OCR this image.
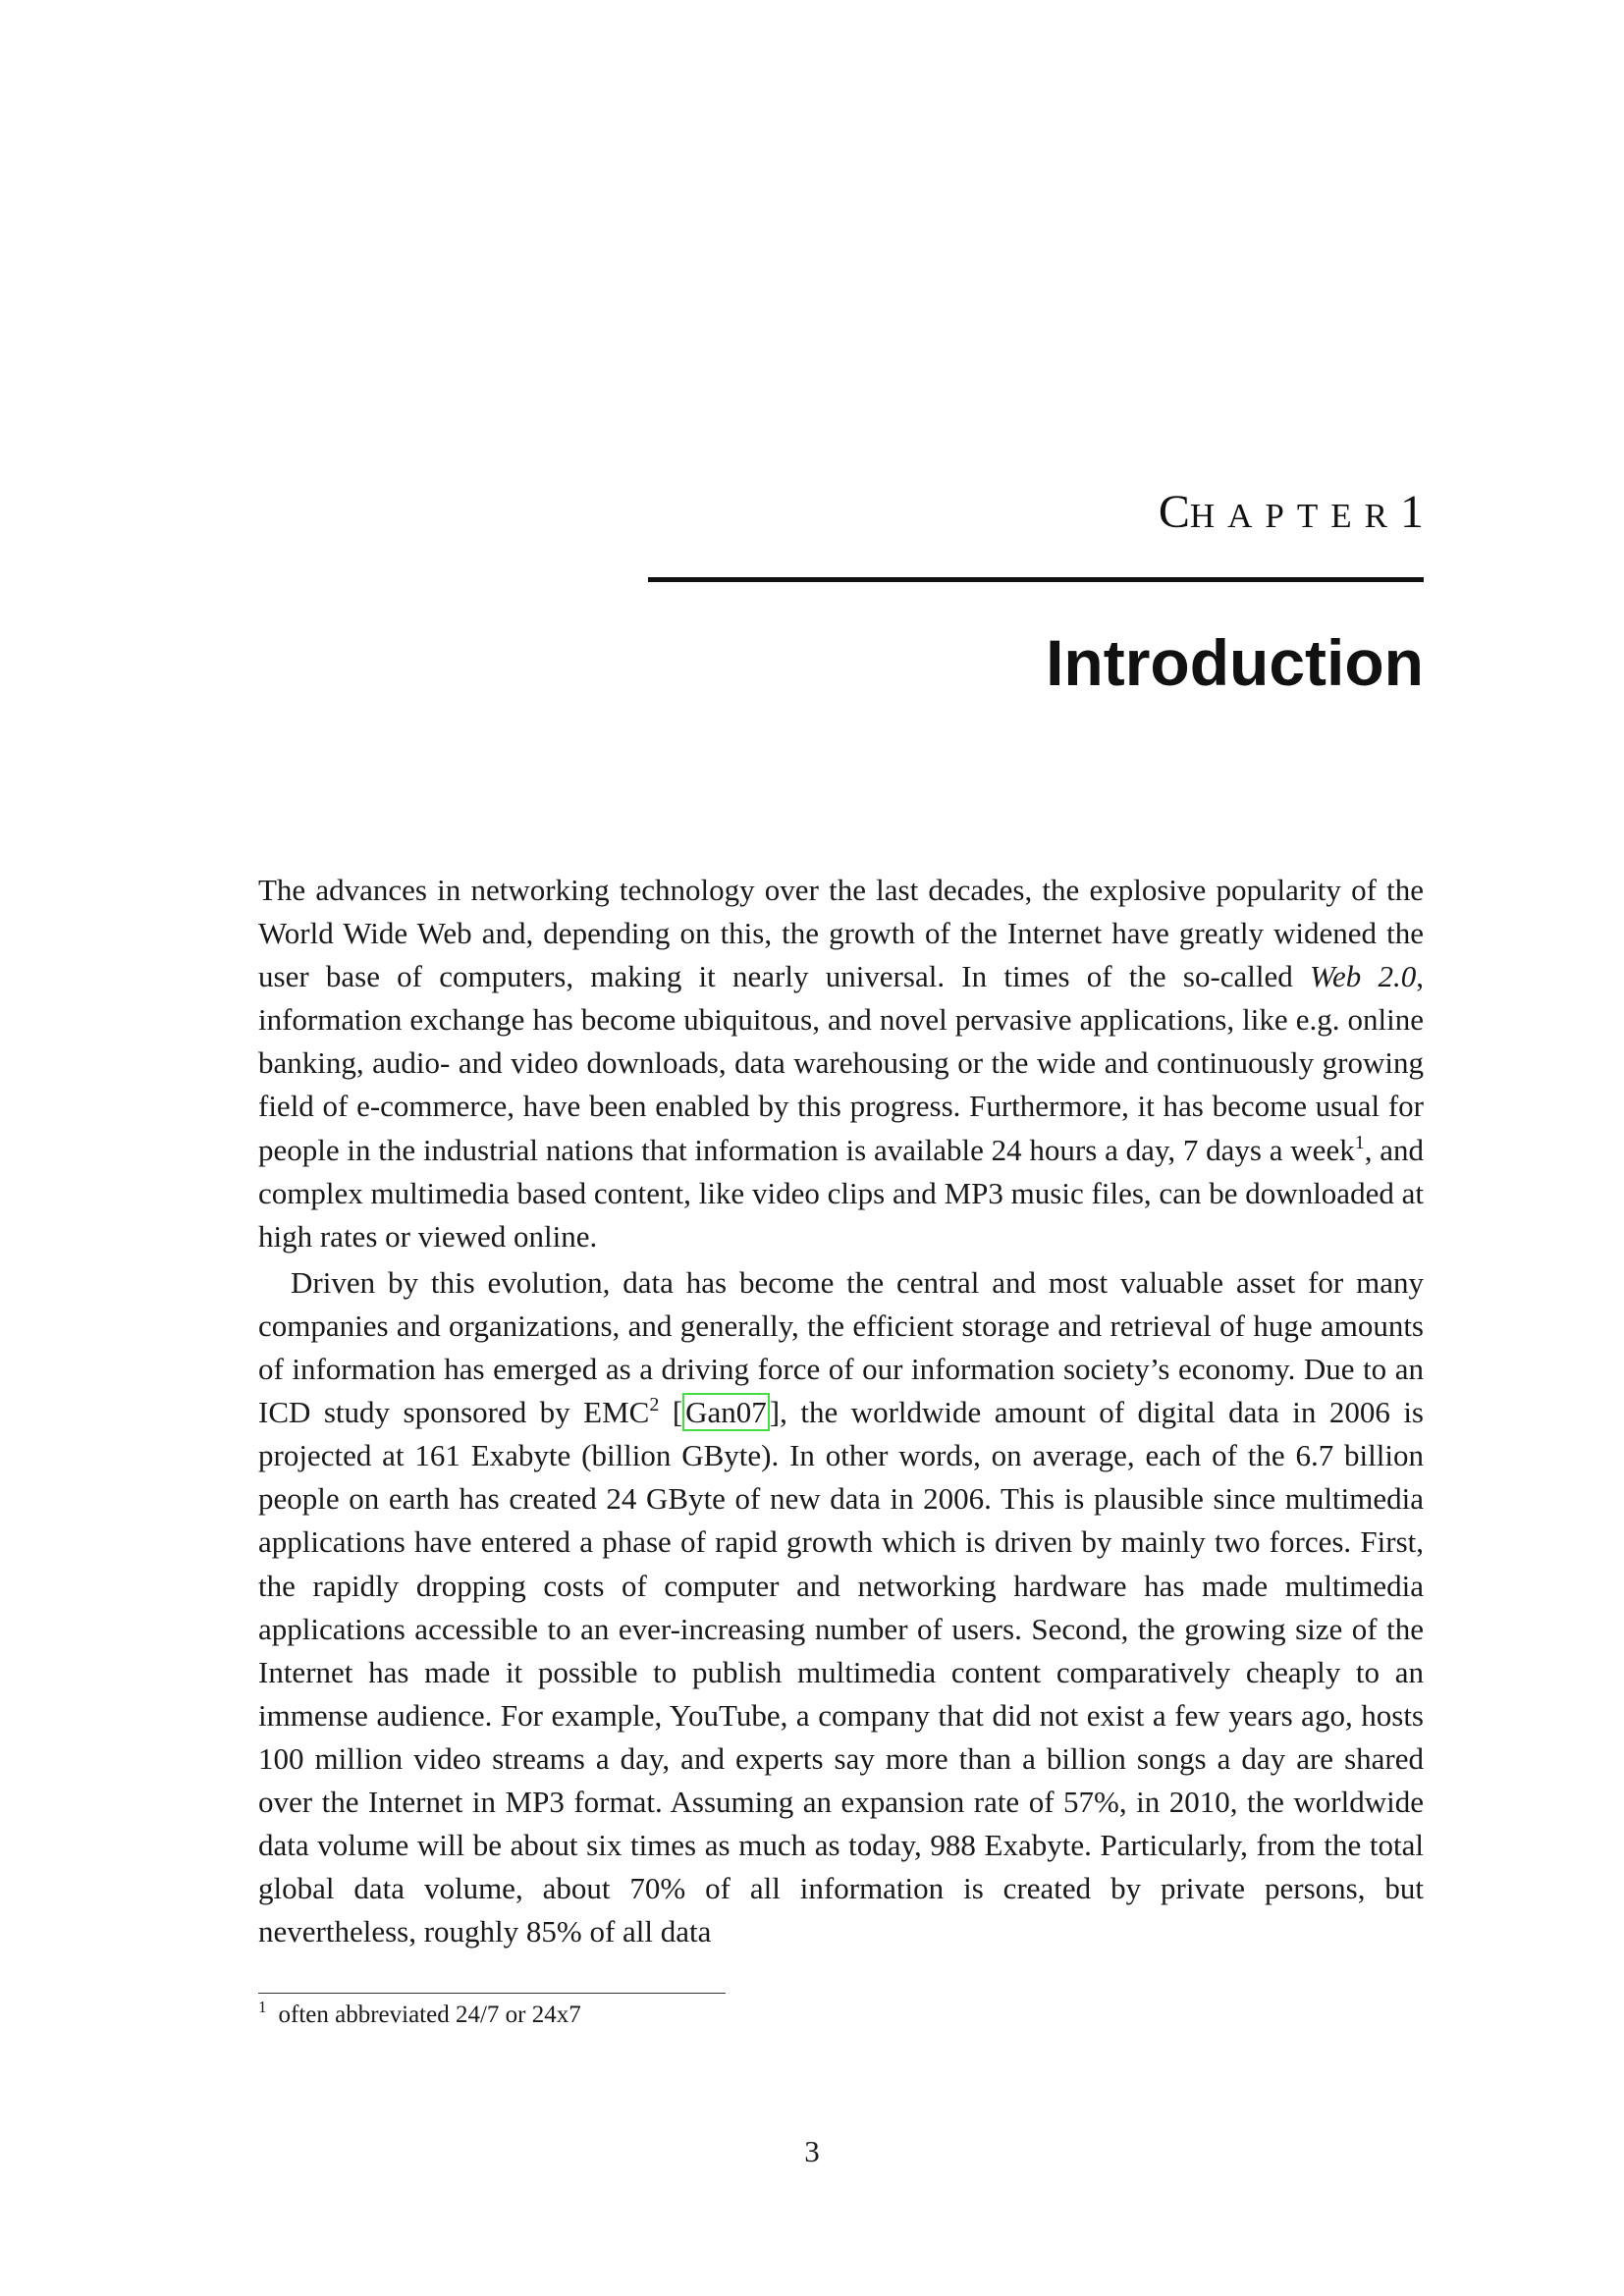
CHAPTER1
Introduction

The advances in networking technology over the last decades, the explosive popularity of the World Wide Web and, depending on this, the growth of the Internet have greatly widened the user base of computers, making it nearly universal. In times of the so-called Web 2.0, information exchange has become ubiquitous, and novel pervasive applications, like e.g. online banking, audio- and video downloads, data warehousing or the wide and continuously growing field of e-commerce, have been enabled by this progress. Furthermore, it has become usual for people in the industrial nations that information is available 24 hours a day, 7 days a week$^1$, and complex multimedia based content, like video clips and MP3 music files, can be downloaded at high rates or viewed online.

Driven by this evolution, data has become the central and most valuable asset for many companies and organizations, and generally, the efficient storage and retrieval of huge amounts of information has emerged as a driving force of our information society’s economy. Due to an ICD study sponsored by EMC$^2$ [Gan07], the worldwide amount of digital data in 2006 is projected at 161 Exabyte (billion GByte). In other words, on average, each of the 6.7 billion people on earth has created 24 GByte of new data in 2006. This is plausible since multimedia applications have entered a phase of rapid growth which is driven by mainly two forces. First, the rapidly dropping costs of computer and networking hardware has made multimedia applications accessible to an ever-increasing number of users. Second, the growing size of the Internet has made it possible to publish multimedia content comparatively cheaply to an immense audience. For example, YouTube, a company that did not exist a few years ago, hosts 100 million video streams a day, and experts say more than a billion songs a day are shared over the Internet in MP3 format. Assuming an expansion rate of 57%, in 2010, the worldwide data volume will be about six times as much as today, 988 Exabyte. Particularly, from the total global data volume, about 70% of all information is created by private persons, but nevertheless, roughly 85% of all data

$^1$ often abbreviated 24/7 or 24x7
3
